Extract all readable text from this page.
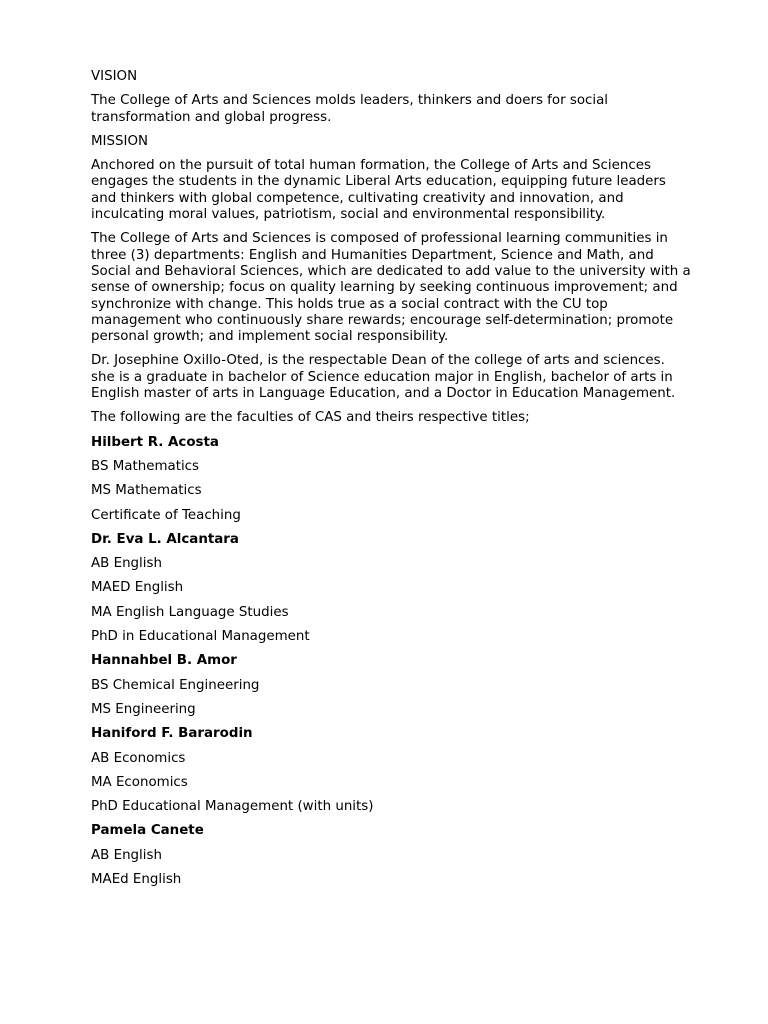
VISION

The College of Arts and Sciences molds leaders, thinkers and doers for social transformation and global progress.

MISSION

Anchored on the pursuit of total human formation, the College of Arts and Sciences engages the students in the dynamic Liberal Arts education, equipping future leaders and thinkers with global competence, cultivating creativity and innovation, and inculcating moral values, patriotism, social and environmental responsibility.

The College of Arts and Sciences is composed of professional learning communities in three (3) departments: English and Humanities Department, Science and Math, and Social and Behavioral Sciences, which are dedicated to add value to the university with a sense of ownership; focus on quality learning by seeking continuous improvement; and synchronize with change. This holds true as a social contract with the CU top management who continuously share rewards; encourage self-determination; promote personal growth; and implement social responsibility.

Dr. Josephine Oxillo-Oted, is the respectable Dean of the college of arts and sciences. she is a graduate in bachelor of Science education major in English, bachelor of arts in English master of arts in Language Education, and a Doctor in Education Management.

The following are the faculties of CAS and theirs respective titles;

Hilbert R. Acosta

BS Mathematics

MS Mathematics

Certificate of Teaching

Dr. Eva L. Alcantara

AB English

MAED English

MA English Language Studies

PhD in Educational Management

Hannahbel B. Amor

BS Chemical Engineering

MS Engineering

Haniford F. Bararodin

AB Economics

MA Economics

PhD Educational Management (with units)

Pamela Canete

AB English

MAEd English
